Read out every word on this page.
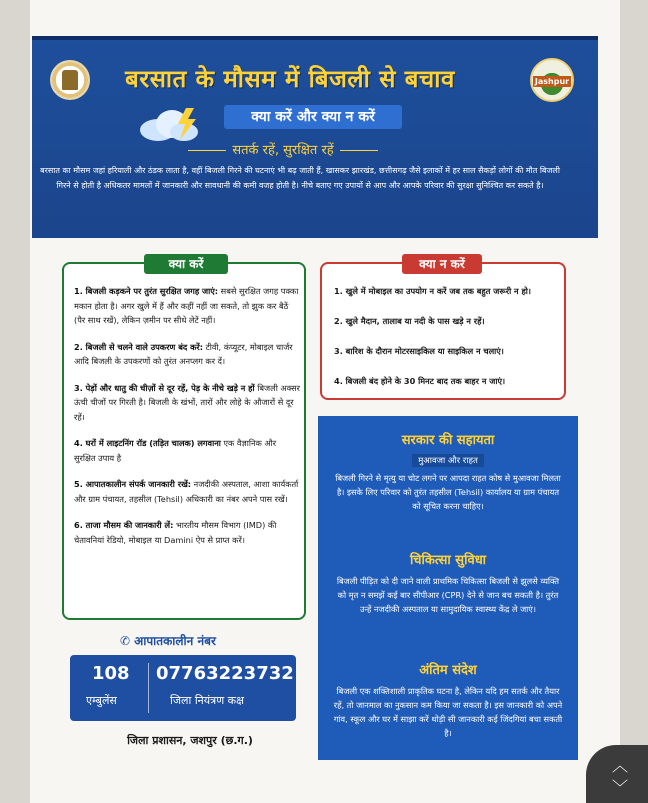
बरसात के मौसम में बिजली से बचाव	Jashpur
क्या करें और क्या न करें
सतर्क रहें, सुरक्षित रहें
बरसात का मौसम जहां हरियाली और ठंडक लाता है, वहीं बिजली गिरने की घटनाएं भी बढ़ जाती हैं, खासकर झारखंड, छत्तीसगढ़ जैसे इलाकों में हर साल सैकड़ों लोगों की मौत बिजली गिरने से होती है अधिकतर मामलों में जानकारी और सावधानी की कमी वजह होती है। नीचे बताए गए उपायों से आप और आपके परिवार की सुरक्षा सुनिश्चित कर सकते है।
क्या करें
1. बिजली कड़कने पर तुरंत सुरक्षित जगह जाएं: सबसे सुरक्षित जगह पक्का मकान होता है। अगर खुले में हैं और कहीं नहीं जा सकते, तो झुक कर बैठें (पैर साथ रखें), लेकिन ज़मीन पर सीधे लेटें नहीं।
2. बिजली से चलने वाले उपकरण बंद करें: टीवी, कंप्यूटर, मोबाइल चार्जर आदि बिजली के उपकरणों को तुरंत अनप्लग कर दें।
3. पेड़ों और धातु की चीज़ों से दूर रहें, पेड़ के नीचे खड़े न हों बिजली अक्सर ऊंची चीजों पर गिरती है। बिजली के खंभों, तारों और लोहे के औजारों से दूर रहें।
4. घरों में लाइटनिंग रॉड (तड़ित चालक) लगवाना एक वैज्ञानिक और सुरक्षित उपाय है
5. आपातकालीन संपर्क जानकारी रखें: नजदीकी अस्पताल, आशा कार्यकर्ता और ग्राम पंचायत, तहसील (Tehsil) अधिकारी का नंबर अपने पास रखें।
6. ताजा मौसम की जानकारी लें: भारतीय मौसम विभाग (IMD) की चेतावनियां रेडियो, मोबाइल या Damini ऐप से प्राप्त करें।
क्या न करें
1. खुले में मोबाइल का उपयोग न करें जब तक बहुत जरूरी न हो।
2. खुले मैदान, तालाब या नदी के पास खड़े न रहें।
3. बारिश के दौरान मोटरसाइकिल या साइकिल न चलाएं।
4. बिजली बंद होने के 30 मिनट बाद तक बाहर न जाएं।
सरकार की सहायता
मुआवजा और राहत

बिजली गिरने से मृत्यु या चोट लगने पर आपदा राहत कोष से मुआवजा मिलता है। इसके लिए परिवार को तुरंत तहसील (Tehsil) कार्यालय या ग्राम पंचायत को सूचित करना चाहिए।

चिकित्सा सुविधा

बिजली पीड़ित को दी जाने वाली प्राथमिक चिकित्सा बिजली से झुलसे व्यक्ति को मृत न समझें कई बार सीपीआर (CPR) देने से जान बच सकती है। तुरंत उन्हें नजदीकी अस्पताल या सामुदायिक स्वास्थ्य केंद्र ले जाएं।

अंतिम संदेश

बिजली एक शक्तिशाली प्राकृतिक घटना है, लेकिन यदि हम सतर्क और तैयार रहें, तो जानमाल का नुकसान कम किया जा सकता है। इस जानकारी को अपने गांव, स्कूल और घर में साझा करें थोड़ी सी जानकारी कई जिंदगियां बचा सकती है।

✆ आपातकालीन नंबर
108
एम्बुलेंस
07763223732
जिला नियंत्रण कक्ष
जिला प्रशासन, जशपुर (छ.ग.)
︿
﹀
